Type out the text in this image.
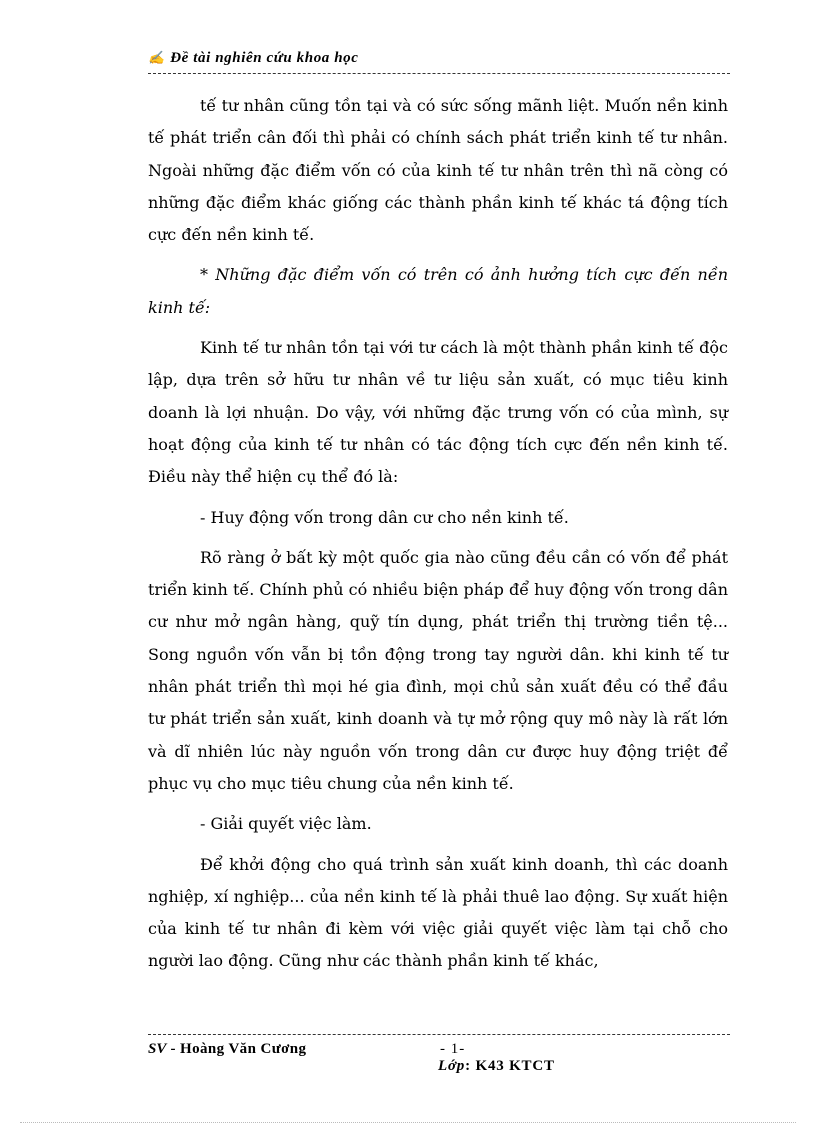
✍ Đề tài nghiên cứu khoa học

tế tư nhân cũng tồn tại và có sức sống mãnh liệt. Muốn nền kinh tế phát triển cân đối thì phải có chính sách phát triển kinh tế tư nhân. Ngoài những đặc điểm vốn có của kinh tế tư nhân trên thì nã còng có những đặc điểm khác giống các thành phần kinh tế khác tá động tích cực đến nền kinh tế.

* Những đặc điểm vốn có trên có ảnh hưởng tích cực đến nền kinh tế:

Kinh tế tư nhân tồn tại với tư cách là một thành phần kinh tế độc lập, dựa trên sở hữu tư nhân về tư liệu sản xuất, có mục tiêu kinh doanh là lợi nhuận. Do vậy, với những đặc trưng vốn có của mình, sự hoạt động của kinh tế tư nhân có tác động tích cực đến nền kinh tế. Điều này thể hiện cụ thể đó là:

- Huy động vốn trong dân cư cho nền kinh tế.

Rõ ràng ở bất kỳ một quốc gia nào cũng đều cần có vốn để phát triển kinh tế. Chính phủ có nhiều biện pháp để huy động vốn trong dân cư như mở ngân hàng, quỹ tín dụng, phát triển thị trường tiền tệ... Song nguồn vốn vẫn bị tồn động trong tay người dân. khi kinh tế tư nhân phát triển thì mọi hé gia đình, mọi chủ sản xuất đều có thể đầu tư phát triển sản xuất, kinh doanh và tự mở rộng quy mô này là rất lớn và dĩ nhiên lúc này nguồn vốn trong dân cư được huy động triệt để phục vụ cho mục tiêu chung của nền kinh tế.

- Giải quyết việc làm.

Để khởi động cho quá trình sản xuất kinh doanh, thì các doanh nghiệp, xí nghiệp... của nền kinh tế là phải thuê lao động. Sự xuất hiện của kinh tế tư nhân đi kèm với việc giải quyết việc làm tại chỗ cho người lao động. Cũng như các thành phần kinh tế khác,

SV - Hoàng Văn Cương	- 1-
Lớp: K43 KTCT
